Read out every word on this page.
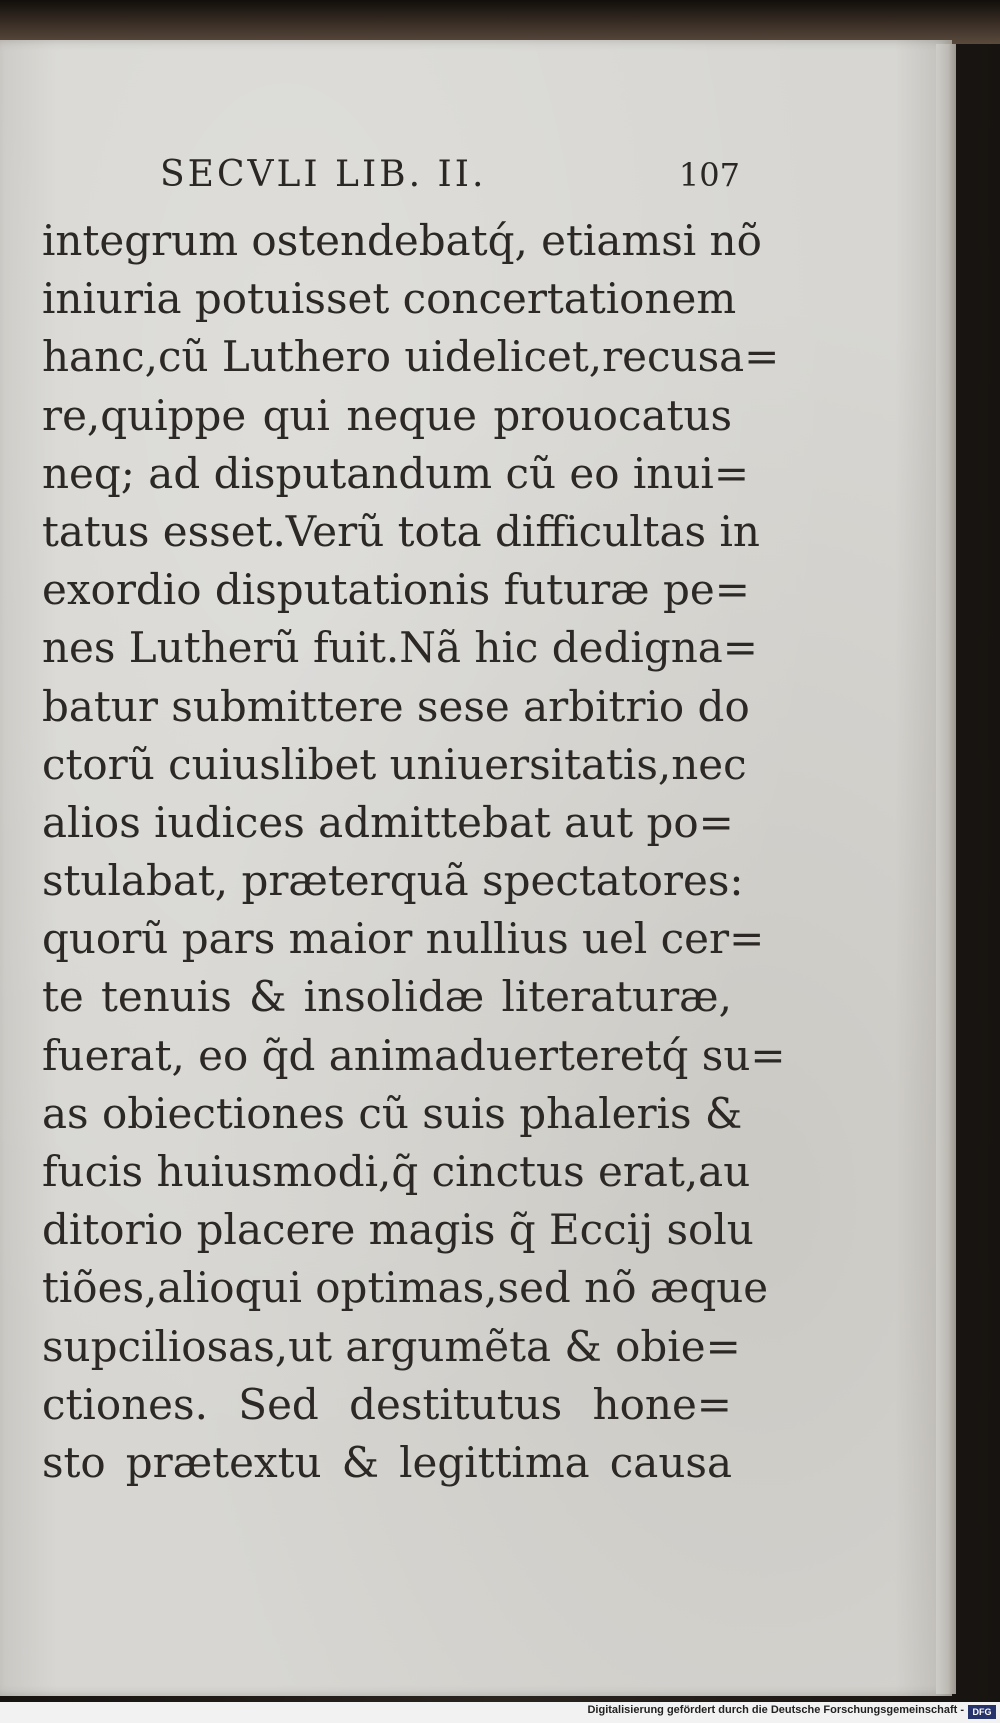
SECVLI LIB. II.	107
integrum ostendebatq́, etiamsi nõ
iniuria potuisset concertationem
hanc,cũ Luthero uidelicet,recusa=
re,quippe qui neque prouocatus
neq; ad disputandum cũ eo inui=
tatus esset.Verũ tota difficultas in
exordio disputationis futuræ pe=
nes Lutherũ fuit.Nã hic dedigna=
batur submittere sese arbitrio do
ctorũ cuiuslibet uniuersitatis,nec
alios iudices admittebat aut po=
stulabat, præterquã spectatores:
quorũ pars maior nullius uel cer=
te tenuis & insolidæ literaturæ,
fuerat, eo q̃d animaduerteretq́ su=
as obiectiones cũ suis phaleris &
fucis huiusmodi,q̃ cinctus erat,au
ditorio placere magis q̃ Eccij solu
tiões,alioqui optimas,sed nõ æque
supciliosas,ut argumẽta & obie=
ctiones. Sed destitutus hone=
sto prætextu & legittima causa
Digitalisierung gefördert durch die Deutsche Forschungsgemeinschaft - DFG
